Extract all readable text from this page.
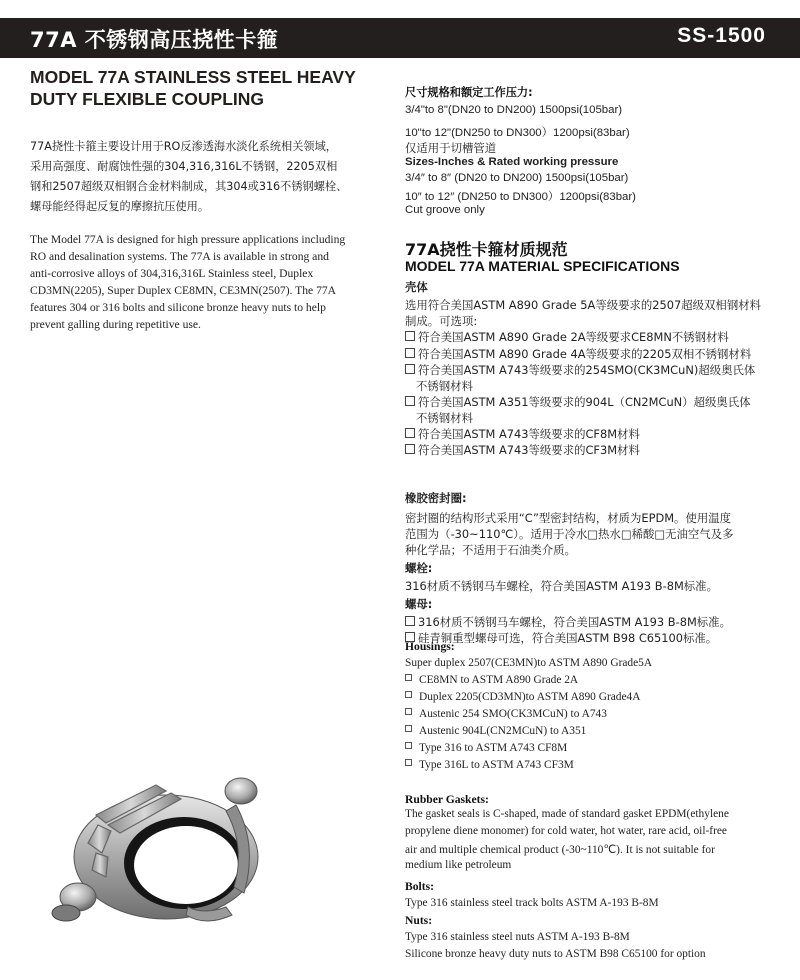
77A 不锈钢高压挠性卡箍	SS-1500
MODEL 77A STAINLESS STEEL HEAVY
DUTY FLEXIBLE COUPLING
77A挠性卡箍主要设计用于RO反渗透海水淡化系统相关领域，
采用高强度、耐腐蚀性强的304,316,316L不锈钢，2205双相
钢和2507超级双相钢合金材料制成，其304或316不锈钢螺栓、
螺母能经得起反复的摩擦抗压使用。
The Model 77A is designed for high pressure applications including
RO and desalination systems. The 77A is available in strong and
anti-corrosive alloys of 304,316,316L Stainless steel, Duplex
CD3MN(2205), Super Duplex CE8MN, CE3MN(2507). The 77A
features 304 or 316 bolts and silicone bronze heavy nuts to help
prevent galling during repetitive use.
尺寸规格和额定工作压力:
3/4"to 8"(DN20 to DN200) 1500psi(105bar)
10"to 12"(DN250 to DN300）1200psi(83bar)
仅适用于切槽管道
Sizes-Inches & Rated working pressure
3/4″ to 8″ (DN20 to DN200) 1500psi(105bar)
10″ to 12″ (DN250 to DN300）1200psi(83bar)
Cut groove only
77A挠性卡箍材质规范
MODEL 77A MATERIAL SPECIFICATIONS
壳体
选用符合美国ASTM A890 Grade 5A等级要求的2507超级双相钢材料
制成。可选项:
符合美国ASTM A890 Grade 2A等级要求CE8MN不锈钢材料
符合美国ASTM A890 Grade 4A等级要求的2205双相不锈钢材料
符合美国ASTM A743等级要求的254SMO(CK3MCuN)超级奥氏体
不锈钢材料
符合美国ASTM A351等级要求的904L（CN2MCuN）超级奥氏体
不锈钢材料
符合美国ASTM A743等级要求的CF8M材料
符合美国ASTM A743等级要求的CF3M材料
橡胶密封圈:
密封圈的结构形式采用“C”型密封结构，材质为EPDM。使用温度
范围为（-30~110℃）。适用于冷水□热水□稀酸□无油空气及多
种化学品；不适用于石油类介质。
螺栓:
316材质不锈钢马车螺栓，符合美国ASTM A193 B-8M标准。
螺母:
316材质不锈钢马车螺栓，符合美国ASTM A193 B-8M标准。
硅青铜重型螺母可选，符合美国ASTM B98 C65100标准。
Housings:
Super duplex 2507(CE3MN)to ASTM A890 Grade5A
CE8MN to ASTM A890 Grade 2A
Duplex 2205(CD3MN)to ASTM A890 Grade4A
Austenic 254 SMO(CK3MCuN) to A743
Austenic 904L(CN2MCuN) to A351
Type 316 to ASTM A743 CF8M
Type 316L to ASTM A743 CF3M
Rubber Gaskets:
The gasket seals is C-shaped, made of standard gasket EPDM(ethylene
propylene diene monomer) for cold water, hot water, rare acid, oil-free
air and multiple chemical product (-30~110℃). It is not suitable for
medium like petroleum
Bolts:
Type 316 stainless steel track bolts ASTM A-193 B-8M
Nuts:
Type 316 stainless steel nuts ASTM A-193 B-8M
Silicone bronze heavy duty nuts to ASTM B98 C65100 for option
